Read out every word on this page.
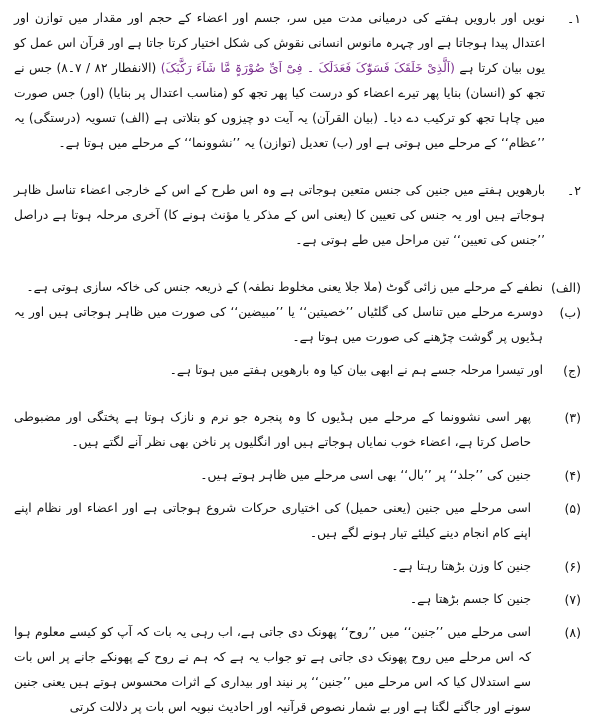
۱۔

نویں اور بارویں ہفتے کی درمیانی مدت میں سر، جسم اور اعضاء کے حجم اور مقدار میں توازن اور اعتدال پیدا ہوجاتا ہے اور چہرہ مانوس انسانی نقوش کی شکل اختیار کرتا جاتا ہے اور قرآن اس عمل کو یوں بیان کرتا ہے (اَلَّذِیْ خَلَقَکَ فَسَوّٰکَ فَعَدَلَکَ ۔ فِیْٓ اَیِّ صُوْرَۃٍ مَّا شَآءَ رَکَّبَکَ) (الانفطار ۸۲ / ۷۔۸) جس نے تجھ کو (انسان) بنایا پھر تیرے اعضاء کو درست کیا پھر تجھ کو (مناسب اعتدال پر بنایا) (اور) جس صورت میں چاہا تجھ کو ترکیب دے دیا۔ (بیان القرآن) یہ آیت دو چیزوں کو بتلاتی ہے (الف) تسویہ (درستگی) یہ ’’عظام‘‘ کے مرحلے میں ہوتی ہے اور (ب) تعدیل (توازن) یہ ’’نشوونما‘‘ کے مرحلے میں ہوتا ہے۔

۲۔

بارھویں ہفتے میں جنین کی جنس متعین ہوجاتی ہے وہ اس طرح کے اس کے خارجی اعضاء تناسل ظاہر ہوجاتے ہیں اور یہ جنس کی تعیین کا (یعنی اس کے مذکر یا مؤنث ہونے کا) آخری مرحلہ ہوتا ہے دراصل ’’جنس کی تعیین‘‘ تین مراحل میں طے ہوتی ہے۔

(الف)

نطفے کے مرحلے میں زائی گوٹ (ملا جلا یعنی مخلوط نطفہ) کے ذریعہ جنس کی خاکہ سازی ہوتی ہے۔

(ب)

دوسرے مرحلے میں تناسل کی گلٹیاں ’’خصیتین‘‘ یا ’’مبیضین‘‘ کی صورت میں ظاہر ہوجاتی ہیں اور یہ ہڈیوں پر گوشت چڑھنے کی صورت میں ہوتا ہے۔

(ج)

اور تیسرا مرحلہ جسے ہم نے ابھی بیان کیا وہ بارھویں ہفتے میں ہوتا ہے۔

(۳)

پھر اسی نشوونما کے مرحلے میں ہڈیوں کا وہ پنجرہ جو نرم و نازک ہوتا ہے پختگی اور مضبوطی حاصل کرتا ہے، اعضاء خوب نمایاں ہوجاتے ہیں اور انگلیوں پر ناخن بھی نظر آنے لگتے ہیں۔

(۴)

جنین کی ’’جلد‘‘ پر ’’بال‘‘ بھی اسی مرحلے میں ظاہر ہوتے ہیں۔

(۵)

اسی مرحلے میں جنین (یعنی حمیل) کی اختیاری حرکات شروع ہوجاتی ہے اور اعضاء اور نظام اپنے اپنے کام انجام دینے کیلئے تیار ہونے لگے ہیں۔

(۶)

جنین کا وزن بڑھتا رہتا ہے۔

(۷)

جنین کا جسم بڑھتا ہے۔

(۸)

اسی مرحلے میں ’’جنین‘‘ میں ’’روح‘‘ پھونک دی جاتی ہے، اب رہی یہ بات کہ آپ کو کیسے معلوم ہوا کہ اس مرحلے میں روح پھونک دی جاتی ہے تو جواب یہ ہے کہ ہم نے روح کے پھونکے جانے پر اس بات سے استدلال کیا کہ اس مرحلے میں ’’جنین‘‘ پر نیند اور بیداری کے اثرات محسوس ہوتے ہیں یعنی جنین سونے اور جاگنے لگتا ہے اور بے شمار نصوص قرآنیہ اور احادیث نبویہ اس بات پر دلالت کرتی
